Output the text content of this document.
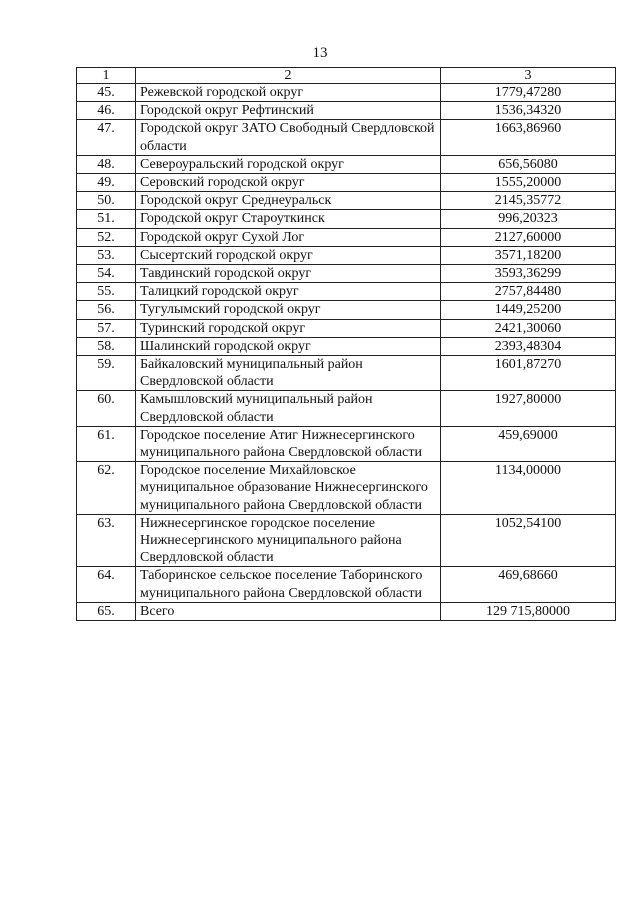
13
1	2	3
45.	Режевской городской округ	1779,47280
46.	Городской округ Рефтинский	1536,34320
47.	Городской округ ЗАТО Свободный Свердловской области	1663,86960
48.	Североуральский городской округ	656,56080
49.	Серовский городской округ	1555,20000
50.	Городской округ Среднеуральск	2145,35772
51.	Городской округ Староуткинск	996,20323
52.	Городской округ Сухой Лог	2127,60000
53.	Сысертский городской округ	3571,18200
54.	Тавдинский городской округ	3593,36299
55.	Талицкий городской округ	2757,84480
56.	Тугулымский городской округ	1449,25200
57.	Туринский городской округ	2421,30060
58.	Шалинский городской округ	2393,48304
59.	Байкаловский муниципальный район Свердловской области	1601,87270
60.	Камышловский муниципальный район Свердловской области	1927,80000
61.	Городское поселение Атиг Нижнесергинского муниципального района Свердловской области	459,69000
62.	Городское поселение Михайловское муниципальное образование Нижнесергинского муниципального района Свердловской области	1134,00000
63.	Нижнесергинское городское поселение Нижнесергинского муниципального района Свердловской области	1052,54100
64.	Таборинское сельское поселение Таборинского муниципального района Свердловской области	469,68660
65.	Всего	129 715,80000
